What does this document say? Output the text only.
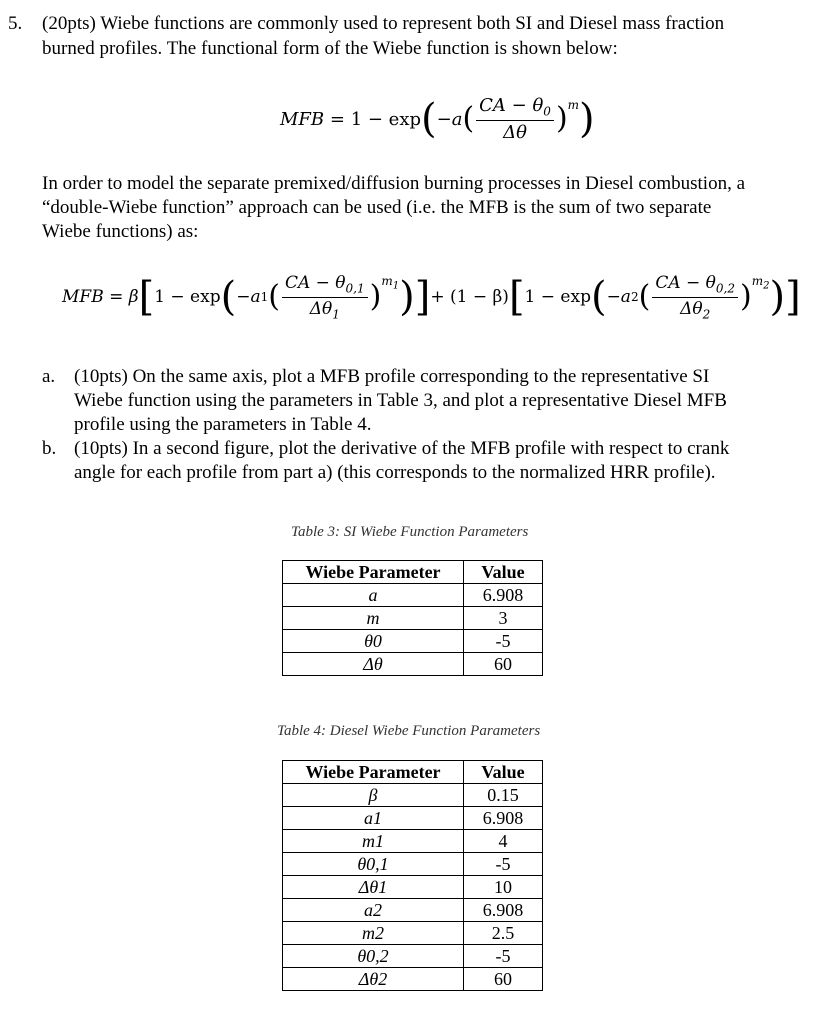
5. (20pts) Wiebe functions are commonly used to represent both SI and Diesel mass fraction
burned profiles. The functional form of the Wiebe function is shown below:
MFB
= 1 − exp ( −a ( $\frac{CA - \theta_0}{\Delta\theta} )^m$ )
In order to model the separate premixed/diffusion burning processes in Diesel combustion, a
“double-Wiebe function” approach can be used (i.e. the MFB is the sum of two separate
Wiebe functions) as:
MFB = β [ 1 − exp ( −a 1 ( $\frac{CA - \theta_{0,1}}{\Delta\theta_1}$ ) $^{m_1}$ ) ] + (1 − β) [ 1 − exp ( −a 2 ( $\frac{CA - \theta_{0,2}}{\Delta\theta_2}$ ) $^{m_2}$ ) ]
a. (10pts) On the same axis, plot a MFB profile corresponding to the representative SI
Wiebe function using the parameters in Table 3, and plot a representative Diesel MFB
profile using the parameters in Table 4.
b. (10pts) In a second figure, plot the derivative of the MFB profile with respect to crank
angle for each profile from part a) (this corresponds to the normalized HRR profile).
Table 3: SI Wiebe Function Parameters
Wiebe Parameter	Value
a	6.908
m	3
θ0	-5
Δθ	60
Table 4: Diesel Wiebe Function Parameters
Wiebe Parameter	Value
β	0.15
a1	6.908
m1	4
θ0,1	-5
Δθ1	10
a2	6.908
m2	2.5
θ0,2	-5
Δθ2	60
